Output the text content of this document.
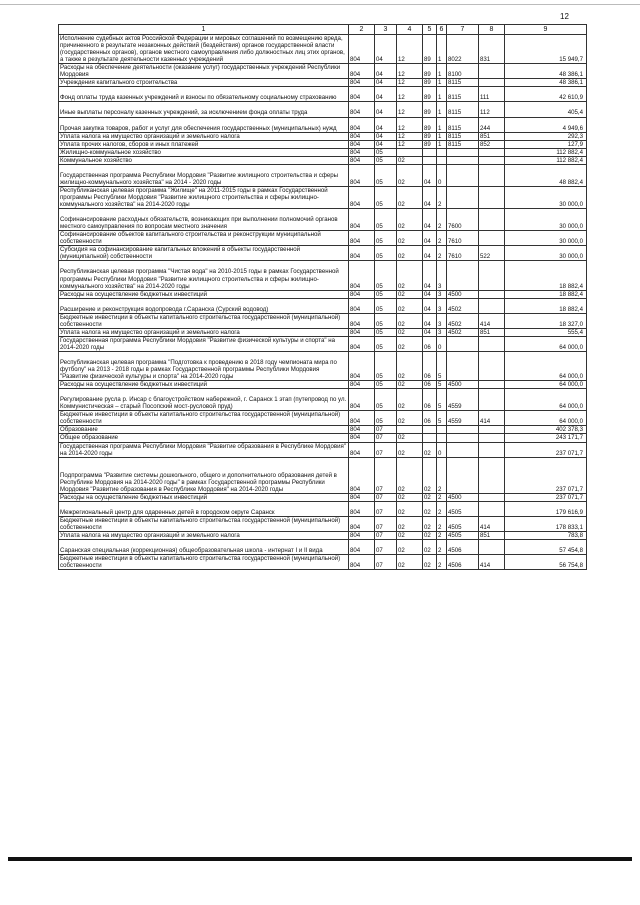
12
1	2	3	4	5	6	7	8	9
Исполнение судебных актов Российской Федерации и мировых соглашений по возмещению вреда, причиненного в результате незаконных действий (бездействия) органов государственной власти (государственных органов), органов местного самоуправления либо должностных лиц этих органов, а также в результате деятельности казенных учреждений	804	04	12	89	1	8022	831	15 949,7
Расходы на обеспечение деятельности (оказание услуг) государственных учреждений Республики Мордовия	804	04	12	89	1	8100		48 386,1
Учреждения капитального строительства	804	04	12	89	1	8115		48 386,1
Фонд оплаты труда казенных учреждений и взносы по обязательному социальному страхованию	804	04	12	89	1	8115	111	42 610,9
Иные выплаты персоналу казенных учреждений, за исключением фонда оплаты труда	804	04	12	89	1	8115	112	405,4
Прочая закупка товаров, работ и услуг для обеспечения государственных (муниципальных) нужд	804	04	12	89	1	8115	244	4 949,6
Уплата налога на имущество организаций и земельного налога	804	04	12	89	1	8115	851	292,3
Уплата прочих налогов, сборов и иных платежей	804	04	12	89	1	8115	852	127,9
Жилищно-коммунальное хозяйство	804	05						112 882,4
Коммунальное хозяйство	804	05	02					112 882,4
Государственная программа Республики Мордовия "Развитие жилищного строительства и сферы жилищно-коммунального хозяйства" на 2014 - 2020 годы	804	05	02	04	0			48 882,4
Республиканская целевая программа "Жилище" на 2011-2015 годы в рамках Государственной программы Республики Мордовия "Развитие жилищного строительства и сферы жилищно-коммунального хозяйства" на 2014-2020 годы	804	05	02	04	2			30 000,0
Софинансирование расходных обязательств, возникающих при выполнении полномочий органов местного самоуправления по вопросам местного значения	804	05	02	04	2	7600		30 000,0
Софинансирование объектов капитального строительства и реконструкции муниципальной собственности	804	05	02	04	2	7610		30 000,0
Субсидия на софинансирование капитальных вложений в объекты государственной (муниципальной) собственности	804	05	02	04	2	7610	522	30 000,0
Республиканская целевая программа "Чистая вода" на 2010-2015 годы в рамках Государственной программы Республики Мордовия "Развитие жилищного строительства и сферы жилищно-коммунального хозяйства" на 2014-2020 годы	804	05	02	04	3			18 882,4
Расходы на осуществление бюджетных инвестиций	804	05	02	04	3	4500		18 882,4
Расширение и реконструкция водопровода г.Саранска (Сурский водовод)	804	05	02	04	3	4502		18 882,4
Бюджетные инвестиции в объекты капитального строительства государственной (муниципальной) собственности	804	05	02	04	3	4502	414	18 327,0
Уплата налога на имущество организаций и земельного налога	804	05	02	04	3	4502	851	555,4
Государственная программа Республики Мордовия "Развитие физической культуры и спорта" на 2014-2020 годы	804	05	02	06	0			64 000,0
Республиканская целевая программа "Подготовка к проведению в 2018 году чемпионата мира по футболу" на 2013 - 2018 годы в рамках Государственной программы Республики Мордовия "Развитие физической культуры и спорта" на 2014-2020 годы	804	05	02	06	5			64 000,0
Расходы на осуществление бюджетных инвестиций	804	05	02	06	5	4500		64 000,0
Регулирование русла р. Инсар с благоустройством набережной, г. Саранск 1 этап (путепровод по ул. Коммунистическая – старый Посопский мост-русловой пруд)	804	05	02	06	5	4559		64 000,0
Бюджетные инвестиции в объекты капитального строительства государственной (муниципальной) собственности	804	05	02	06	5	4559	414	64 000,0
Образование	804	07						402 378,3
Общее образование	804	07	02					243 171,7
Государственная программа Республики Мордовия "Развитие образования в Республике Мордовия" на 2014-2020 годы	804	07	02	02	0			237 071,7
Подпрограмма "Развитие системы дошкольного, общего и дополнительного образования детей в Республике Мордовия на 2014-2020 годы" в рамках Государственной программы Республики Мордовия "Развитие образования в Республике Мордовия" на 2014-2020 годы	804	07	02	02	2			237 071,7
Расходы на осуществление бюджетных инвестиций	804	07	02	02	2	4500		237 071,7
Межрегиональный центр для одаренных детей в городском округе Саранск	804	07	02	02	2	4505		179 616,9
Бюджетные инвестиции в объекты капитального строительства государственной (муниципальной) собственности	804	07	02	02	2	4505	414	178 833,1
Уплата налога на имущество организаций и земельного налога	804	07	02	02	2	4505	851	783,8
Саранская специальная (коррекционная) общеобразовательная школа - интернат I и II вида	804	07	02	02	2	4506		57 454,8
Бюджетные инвестиции в объекты капитального строительства государственной (муниципальной) собственности	804	07	02	02	2	4506	414	56 754,8
